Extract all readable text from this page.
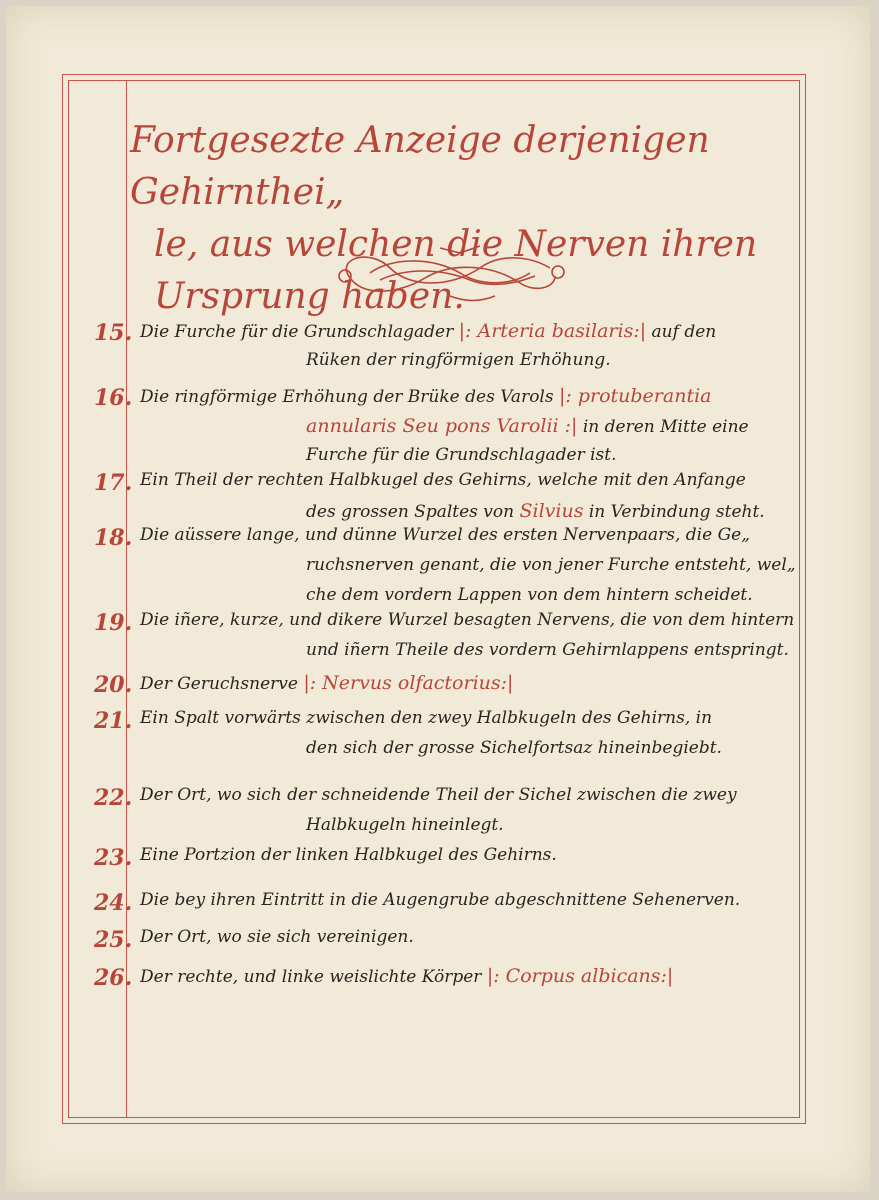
Fortgesezte Anzeige derjenigen Gehirnthei„
le, aus welchen die Nerven ihren Ursprung haben.
15. Die Furche für die Grundschlagader |: Arteria basilaris:| auf den
Rüken der ringförmigen Erhöhung.
16. Die ringförmige Erhöhung der Brüke des Varols |: protuberantia
annularis Seu pons Varolii :| in deren Mitte eine
Furche für die Grundschlagader ist.
17. Ein Theil der rechten Halbkugel des Gehirns, welche mit den Anfange
des grossen Spaltes von Silvius in Verbindung steht.
18. Die aüssere lange, und dünne Wurzel des ersten Nervenpaars, die Ge„
ruchsnerven genant, die von jener Furche entsteht, wel„
che dem vordern Lappen von dem hintern scheidet.
19. Die iñere, kurze, und dikere Wurzel besagten Nervens, die von dem hintern
und iñern Theile des vordern Gehirnlappens entspringt.
20. Der Geruchsnerve |: Nervus olfactorius:|
21. Ein Spalt vorwärts zwischen den zwey Halbkugeln des Gehirns, in
den sich der grosse Sichelfortsaz hineinbegiebt.
22. Der Ort, wo sich der schneidende Theil der Sichel zwischen die zwey
Halbkugeln hineinlegt.
23. Eine Portzion der linken Halbkugel des Gehirns.
24. Die bey ihren Eintritt in die Augengrube abgeschnittene Sehenerven.
25. Der Ort, wo sie sich vereinigen.
26. Der rechte, und linke weislichte Körper |: Corpus albicans:|
